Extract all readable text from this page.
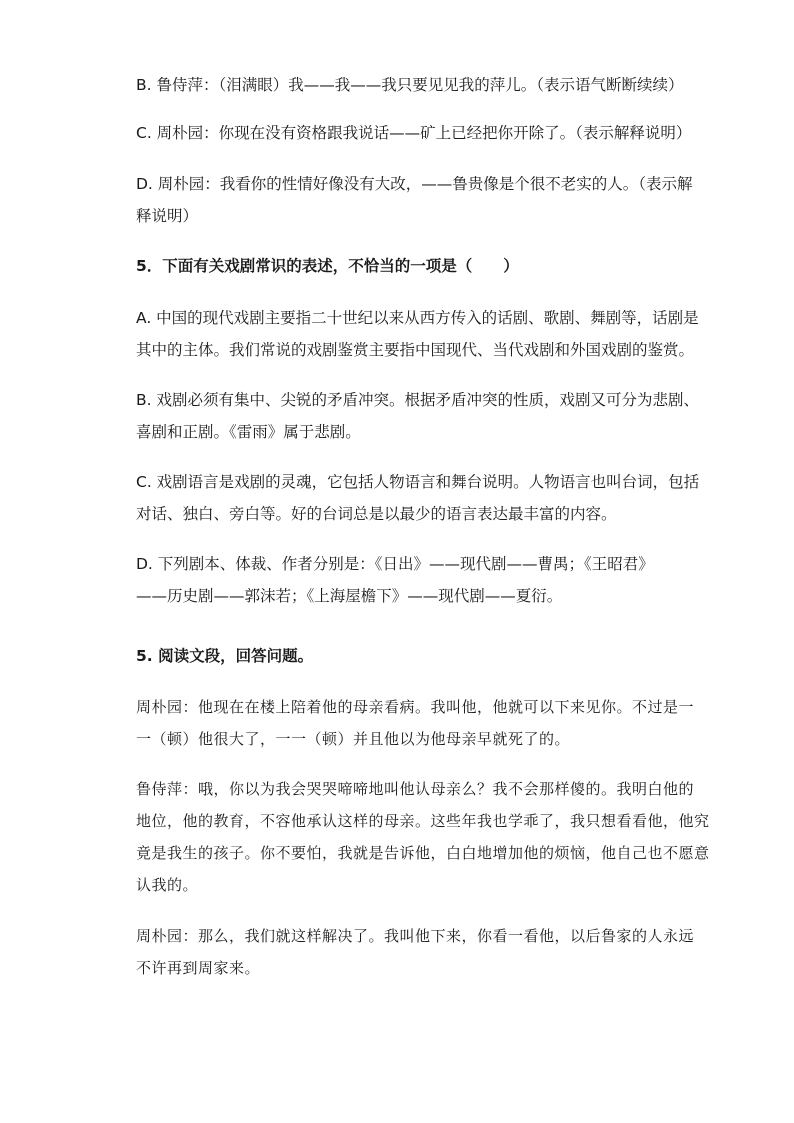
B. 鲁侍萍：（泪满眼）我——我——我只要见见我的萍儿。（表示语气断断续续）

C. 周朴园：你现在没有资格跟我说话——矿上已经把你开除了。（表示解释说明）

D. 周朴园：我看你的性情好像没有大改，——鲁贵像是个很不老实的人。（表示解
释说明）

5．下面有关戏剧常识的表述，不恰当的一项是（　　）

A. 中国的现代戏剧主要指二十世纪以来从西方传入的话剧、歌剧、舞剧等，话剧是
其中的主体。我们常说的戏剧鉴赏主要指中国现代、当代戏剧和外国戏剧的鉴赏。

B. 戏剧必须有集中、尖锐的矛盾冲突。根据矛盾冲突的性质，戏剧又可分为悲剧、
喜剧和正剧。《雷雨》属于悲剧。

C. 戏剧语言是戏剧的灵魂，它包括人物语言和舞台说明。人物语言也叫台词，包括
对话、独白、旁白等。好的台词总是以最少的语言表达最丰富的内容。

D. 下列剧本、体裁、作者分别是：《日出》——现代剧——曹禺；《王昭君》
——历史剧——郭沫若；《上海屋檐下》——现代剧——夏衍。

5. 阅读文段，回答问题。

周朴园：他现在在楼上陪着他的母亲看病。我叫他，他就可以下来见你。不过是一
一（顿）他很大了，一一（顿）并且他以为他母亲早就死了的。

鲁侍萍：哦，你以为我会哭哭啼啼地叫他认母亲么？我不会那样傻的。我明白他的
地位，他的教育，不容他承认这样的母亲。这些年我也学乖了，我只想看看他，他究
竟是我生的孩子。你不要怕，我就是告诉他，白白地增加他的烦恼，他自己也不愿意
认我的。

周朴园：那么，我们就这样解决了。我叫他下来，你看一看他，以后鲁家的人永远
不许再到周家来。
